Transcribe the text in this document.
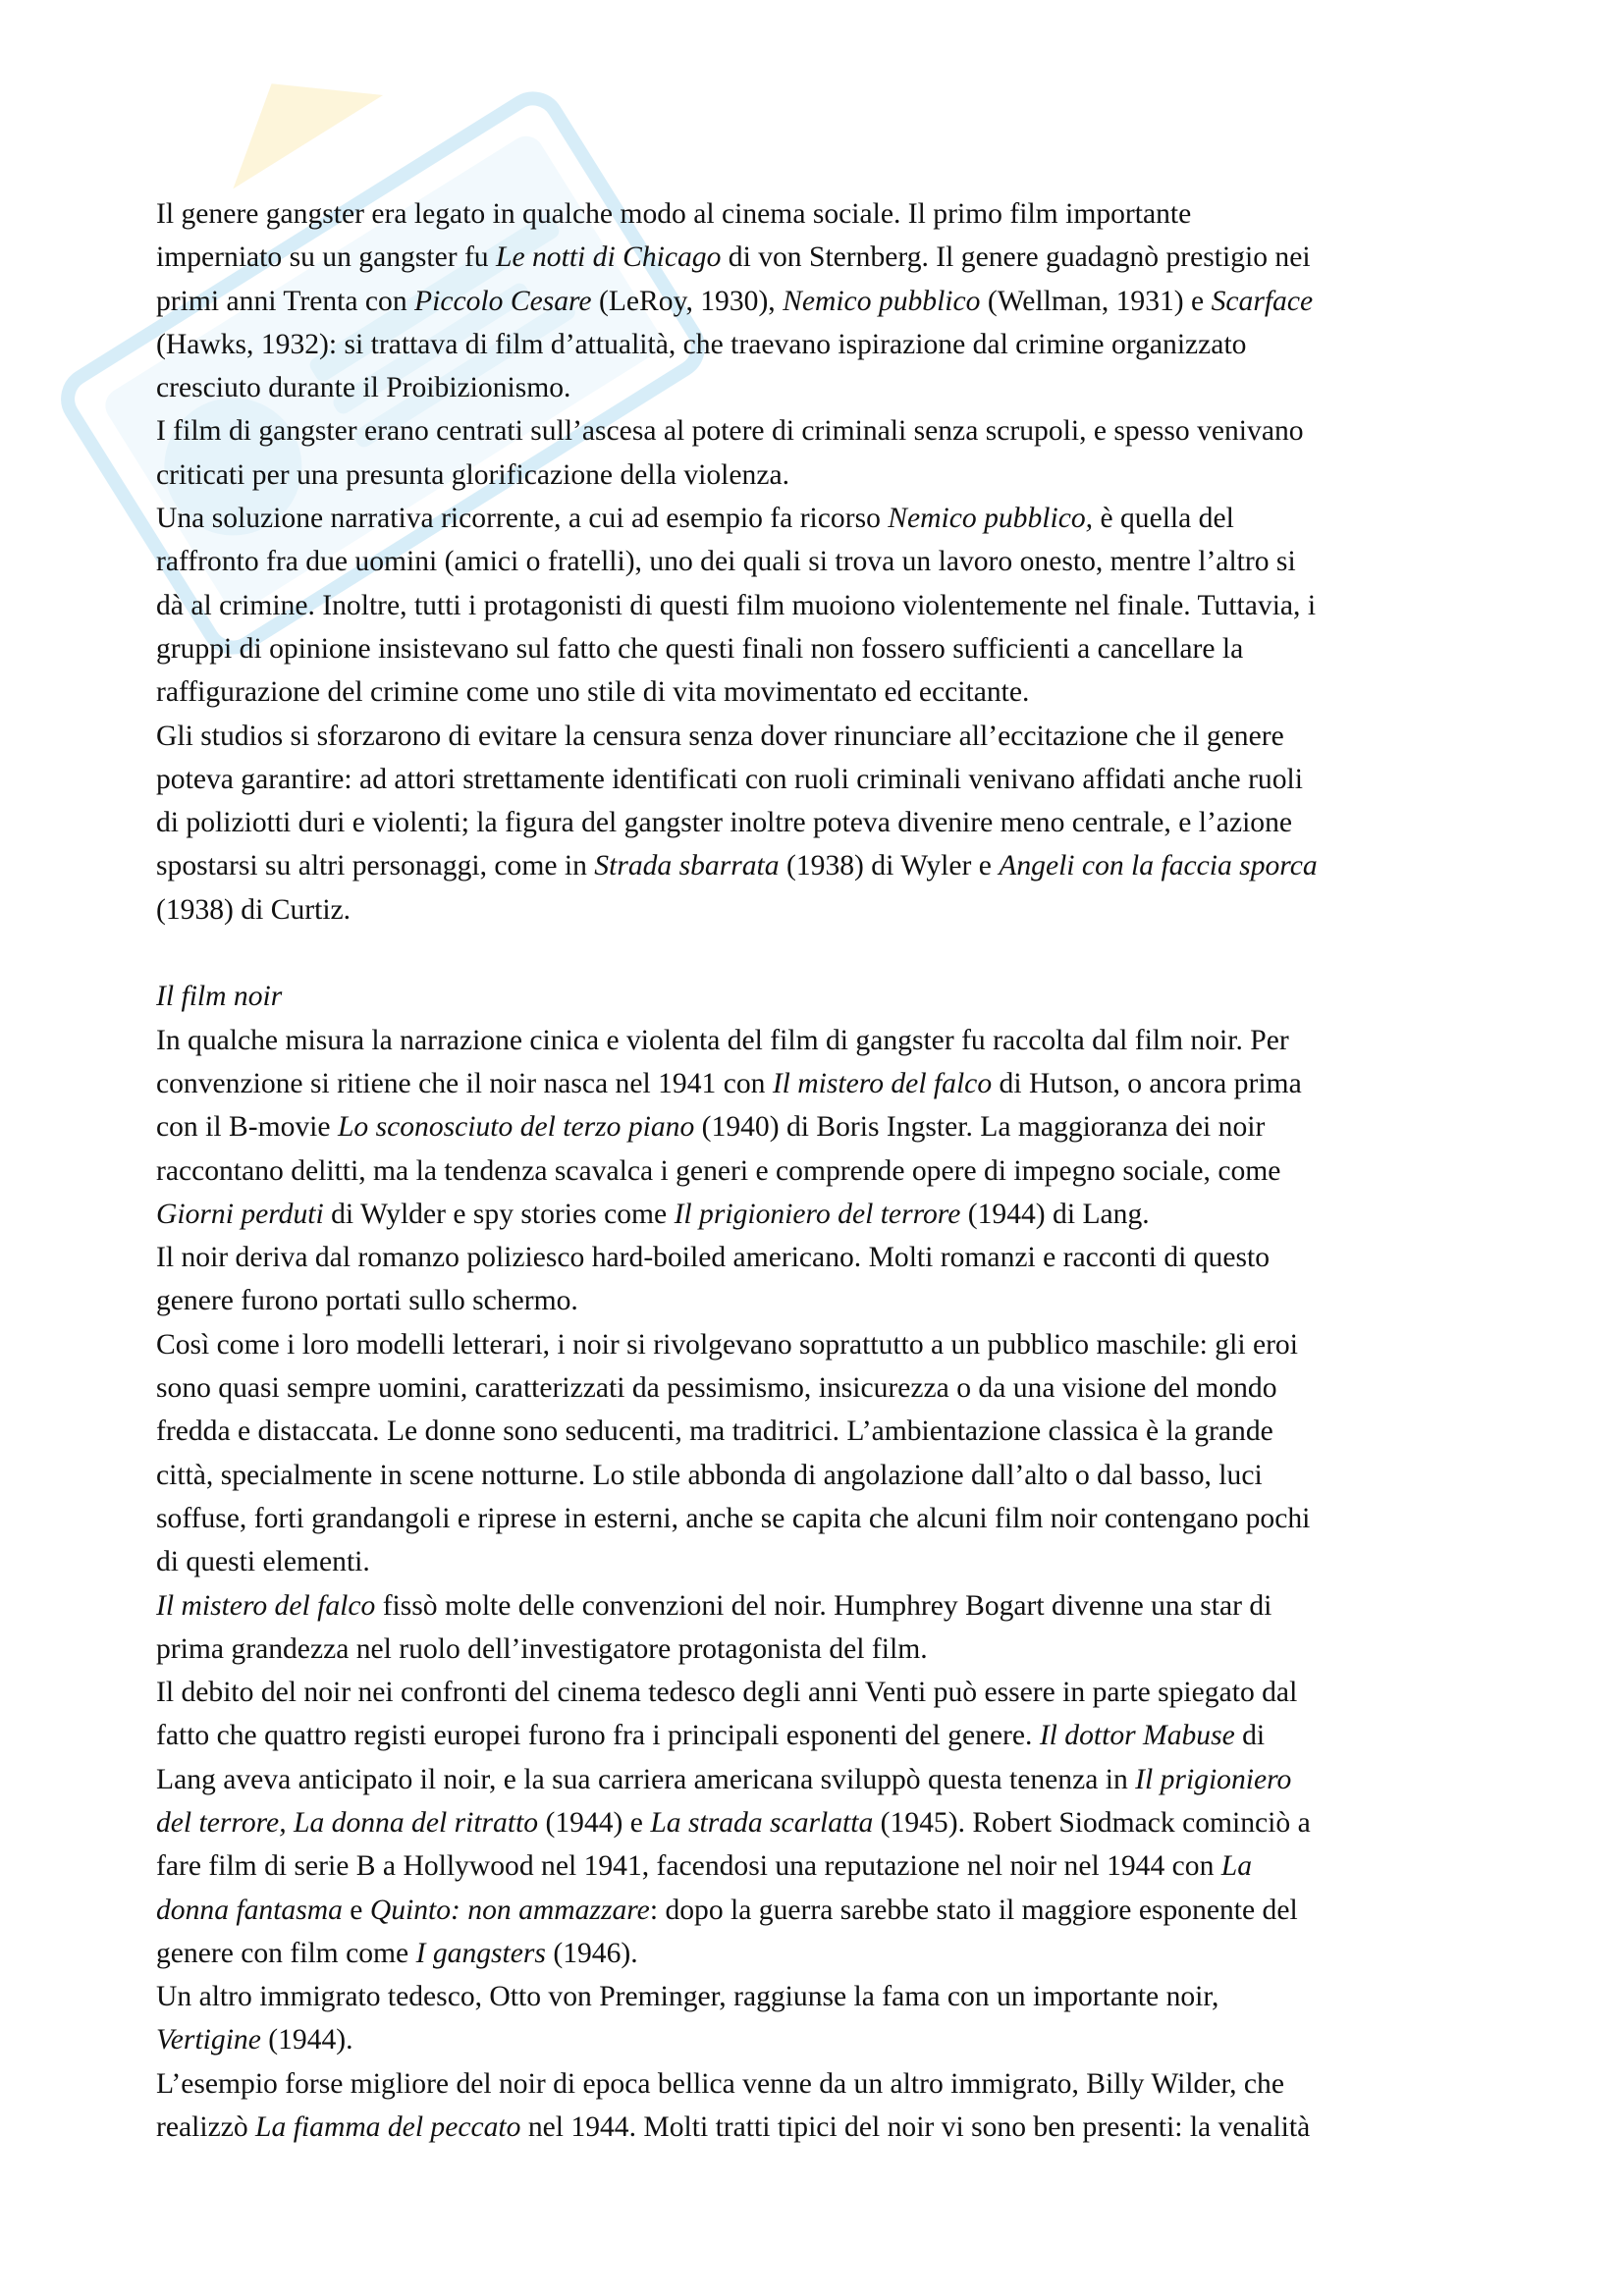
Il genere gangster era legato in qualche modo al cinema sociale. Il primo film importante

imperniato su un gangster fu Le notti di Chicago di von Sternberg. Il genere guadagnò prestigio nei

primi anni Trenta con Piccolo Cesare (LeRoy, 1930), Nemico pubblico (Wellman, 1931) e Scarface

(Hawks, 1932): si trattava di film d’attualità, che traevano ispirazione dal crimine organizzato

cresciuto durante il Proibizionismo.

I film di gangster erano centrati sull’ascesa al potere di criminali senza scrupoli, e spesso venivano

criticati per una presunta glorificazione della violenza.

Una soluzione narrativa ricorrente, a cui ad esempio fa ricorso Nemico pubblico, è quella del

raffronto fra due uomini (amici o fratelli), uno dei quali si trova un lavoro onesto, mentre l’altro si

dà al crimine. Inoltre, tutti i protagonisti di questi film muoiono violentemente nel finale. Tuttavia, i

gruppi di opinione insistevano sul fatto che questi finali non fossero sufficienti a cancellare la

raffigurazione del crimine come uno stile di vita movimentato ed eccitante.

Gli studios si sforzarono di evitare la censura senza dover rinunciare all’eccitazione che il genere

poteva garantire: ad attori strettamente identificati con ruoli criminali venivano affidati anche ruoli

di poliziotti duri e violenti; la figura del gangster inoltre poteva divenire meno centrale, e l’azione

spostarsi su altri personaggi, come in Strada sbarrata (1938) di Wyler e Angeli con la faccia sporca

(1938) di Curtiz.

Il film noir

In qualche misura la narrazione cinica e violenta del film di gangster fu raccolta dal film noir. Per

convenzione si ritiene che il noir nasca nel 1941 con Il mistero del falco di Hutson, o ancora prima

con il B-movie Lo sconosciuto del terzo piano (1940) di Boris Ingster. La maggioranza dei noir

raccontano delitti, ma la tendenza scavalca i generi e comprende opere di impegno sociale, come

Giorni perduti di Wylder e spy stories come Il prigioniero del terrore (1944) di Lang.

Il noir deriva dal romanzo poliziesco hard-boiled americano. Molti romanzi e racconti di questo

genere furono portati sullo schermo.

Così come i loro modelli letterari, i noir si rivolgevano soprattutto a un pubblico maschile: gli eroi

sono quasi sempre uomini, caratterizzati da pessimismo, insicurezza o da una visione del mondo

fredda e distaccata. Le donne sono seducenti, ma traditrici. L’ambientazione classica è la grande

città, specialmente in scene notturne. Lo stile abbonda di angolazione dall’alto o dal basso, luci

soffuse, forti grandangoli e riprese in esterni, anche se capita che alcuni film noir contengano pochi

di questi elementi.

Il mistero del falco fissò molte delle convenzioni del noir. Humphrey Bogart divenne una star di

prima grandezza nel ruolo dell’investigatore protagonista del film.

Il debito del noir nei confronti del cinema tedesco degli anni Venti può essere in parte spiegato dal

fatto che quattro registi europei furono fra i principali esponenti del genere. Il dottor Mabuse di

Lang aveva anticipato il noir, e la sua carriera americana sviluppò questa tenenza in Il prigioniero

del terrore, La donna del ritratto (1944) e La strada scarlatta (1945). Robert Siodmack cominciò a

fare film di serie B a Hollywood nel 1941, facendosi una reputazione nel noir nel 1944 con La

donna fantasma e Quinto: non ammazzare: dopo la guerra sarebbe stato il maggiore esponente del

genere con film come I gangsters (1946).

Un altro immigrato tedesco, Otto von Preminger, raggiunse la fama con un importante noir,

Vertigine (1944).

L’esempio forse migliore del noir di epoca bellica venne da un altro immigrato, Billy Wilder, che

realizzò La fiamma del peccato nel 1944. Molti tratti tipici del noir vi sono ben presenti: la venalità
